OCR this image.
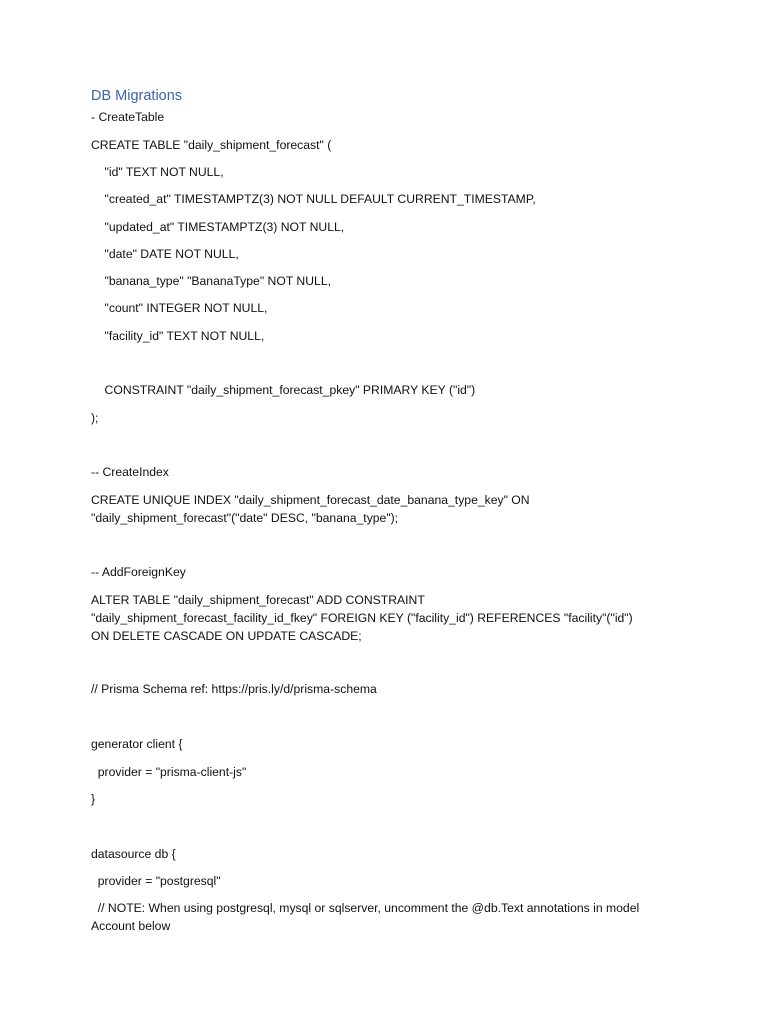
DB Migrations
- CreateTable
CREATE TABLE "daily_shipment_forecast" (
"id" TEXT NOT NULL,
"created_at" TIMESTAMPTZ(3) NOT NULL DEFAULT CURRENT_TIMESTAMP,
"updated_at" TIMESTAMPTZ(3) NOT NULL,
"date" DATE NOT NULL,
"banana_type" "BananaType" NOT NULL,
"count" INTEGER NOT NULL,
"facility_id" TEXT NOT NULL,
CONSTRAINT "daily_shipment_forecast_pkey" PRIMARY KEY ("id")
);
-- CreateIndex
CREATE UNIQUE INDEX "daily_shipment_forecast_date_banana_type_key" ON
"daily_shipment_forecast"("date" DESC, "banana_type");
-- AddForeignKey
ALTER TABLE "daily_shipment_forecast" ADD CONSTRAINT
"daily_shipment_forecast_facility_id_fkey" FOREIGN KEY ("facility_id") REFERENCES "facility"("id")
ON DELETE CASCADE ON UPDATE CASCADE;
// Prisma Schema ref: https://pris.ly/d/prisma-schema
generator client {
provider = "prisma-client-js"
}
datasource db {
provider = "postgresql"
// NOTE: When using postgresql, mysql or sqlserver, uncomment the @db.Text annotations in model
Account below
